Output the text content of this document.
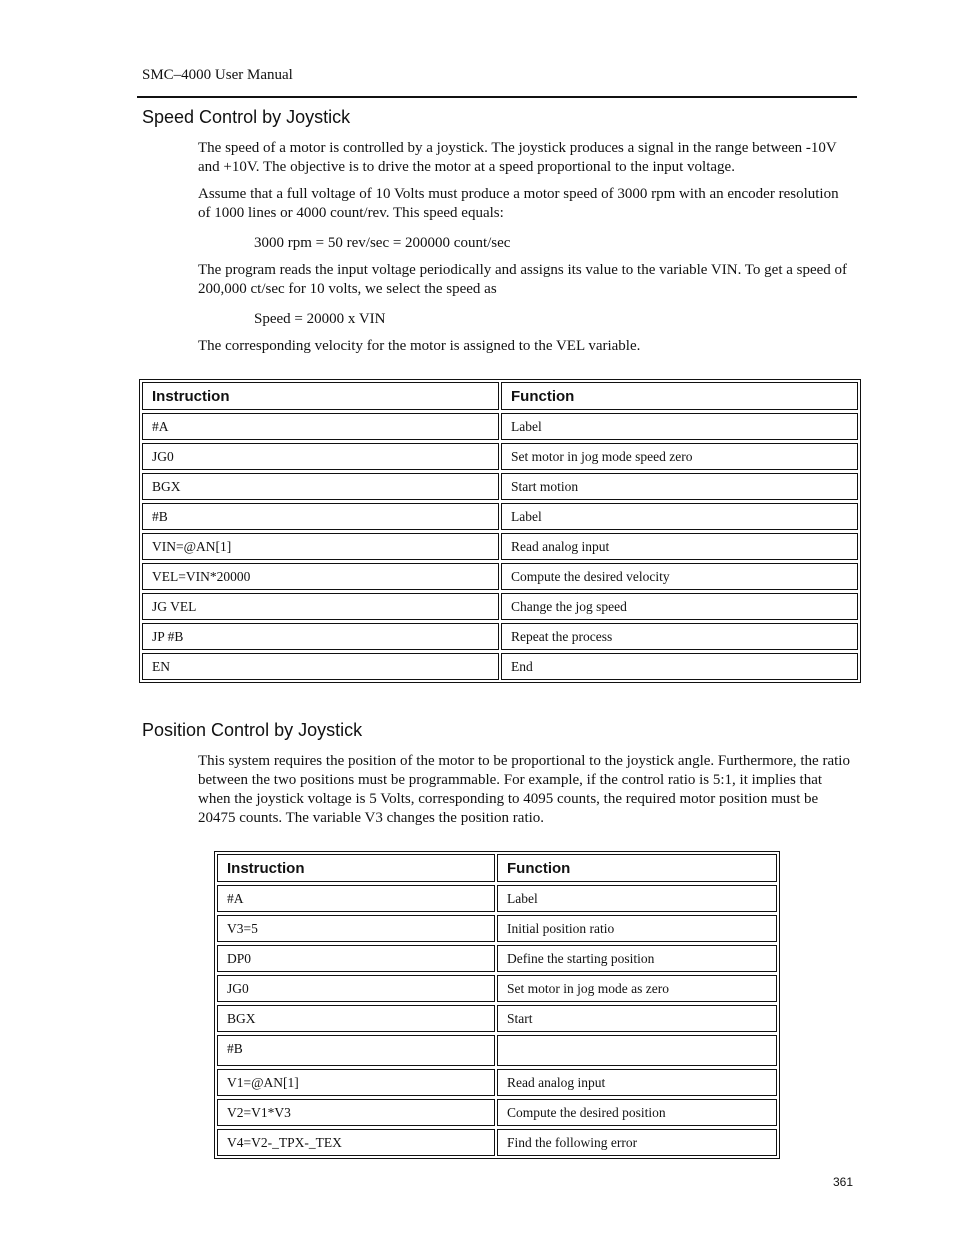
SMC–4000 User Manual
Speed Control by Joystick

The speed of a motor is controlled by a joystick. The joystick produces a signal in the range between -10V and +10V. The objective is to drive the motor at a speed proportional to the input voltage.

Assume that a full voltage of 10 Volts must produce a motor speed of 3000 rpm with an encoder resolution of 1000 lines or 4000 count/rev. This speed equals:

3000 rpm = 50 rev/sec = 200000 count/sec

The program reads the input voltage periodically and assigns its value to the variable VIN. To get a speed of 200,000 ct/sec for 10 volts, we select the speed as

Speed = 20000 x VIN
The corresponding velocity for the motor is assigned to the VEL variable.
Instruction	Function
#A	Label
JG0	Set motor in jog mode speed zero
BGX	Start motion
#B	Label
VIN=@AN[1]	Read analog input
VEL=VIN*20000	Compute the desired velocity
JG VEL	Change the jog speed
JP #B	Repeat the process
EN	End
Position Control by Joystick

This system requires the position of the motor to be proportional to the joystick angle. Furthermore, the ratio between the two positions must be programmable. For example, if the control ratio is 5:1, it implies that when the joystick voltage is 5 Volts, corresponding to 4095 counts, the required motor position must be 20475 counts. The variable V3 changes the position ratio.

Instruction	Function
#A	Label
V3=5	Initial position ratio
DP0	Define the starting position
JG0	Set motor in jog mode as zero
BGX	Start
#B
V1=@AN[1]	Read analog input
V2=V1*V3	Compute the desired position
V4=V2-_TPX-_TEX	Find the following error
361
